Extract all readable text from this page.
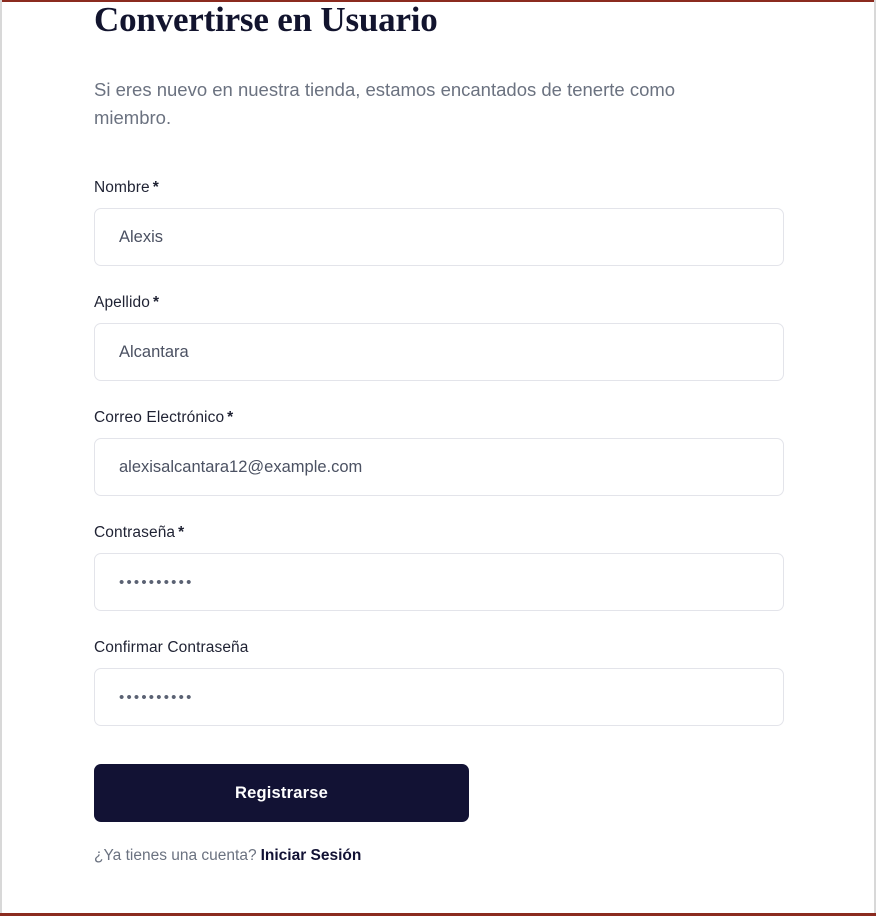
Convertirse en Usuario

Si eres nuevo en nuestra tienda, estamos encantados de tenerte como miembro.

Nombre *
Alexis
Apellido *
Alcantara
Correo Electrónico *
alexisalcantara12@example.com
Contraseña *
••••••••••
Confirmar Contraseña
••••••••••
Registrarse
¿Ya tienes una cuenta? Iniciar Sesión
